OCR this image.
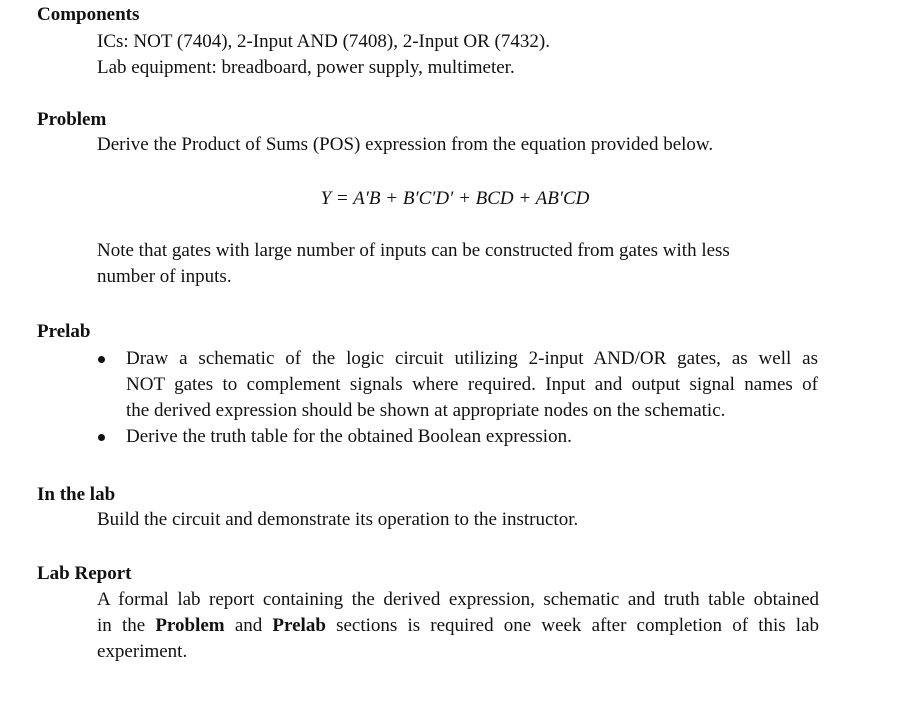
Components
ICs: NOT (7404), 2-Input AND (7408), 2-Input OR (7432).
Lab equipment: breadboard, power supply, multimeter.
Problem
Derive the Product of Sums (POS) expression from the equation provided below.
Y = A′B + B′C′D′ + BCD + AB′CD
Note that gates with large number of inputs can be constructed from gates with less
number of inputs.
Prelab
Draw a schematic of the logic circuit utilizing 2-input AND/OR gates, as well as
NOT gates to complement signals where required. Input and output signal names of
the derived expression should be shown at appropriate nodes on the schematic.
Derive the truth table for the obtained Boolean expression.
In the lab
Build the circuit and demonstrate its operation to the instructor.
Lab Report
A formal lab report containing the derived expression, schematic and truth table obtained
in the Problem and Prelab sections is required one week after completion of this lab
experiment.
